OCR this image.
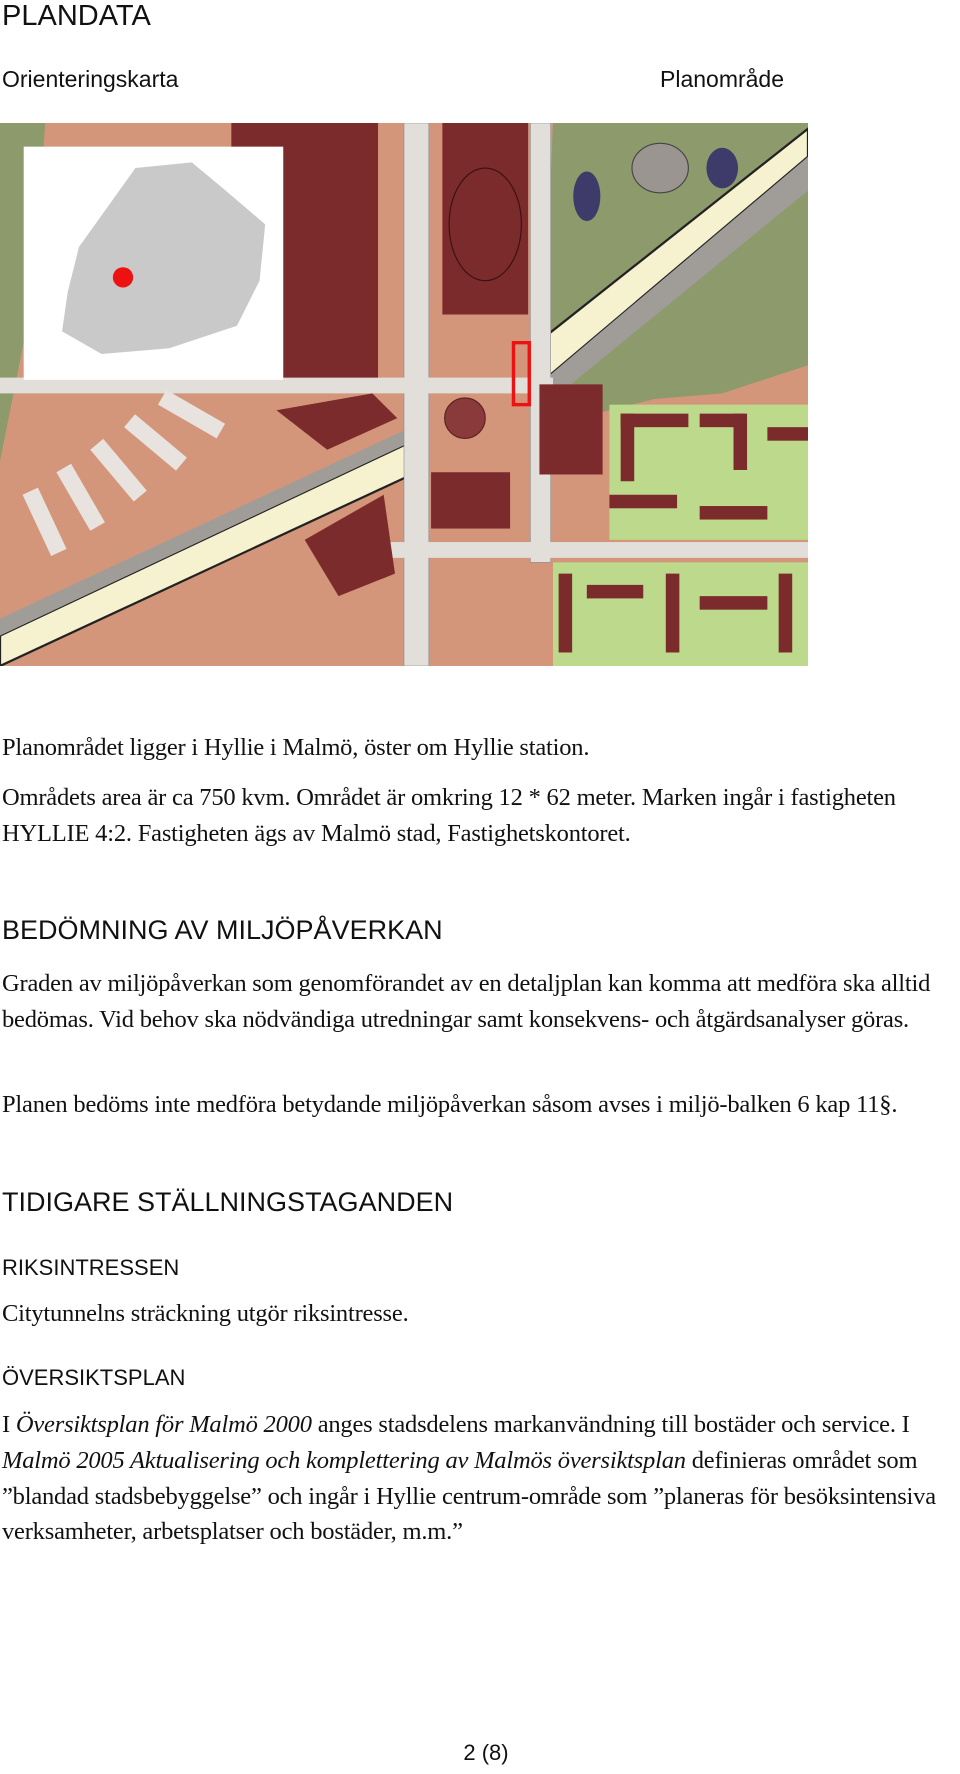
PLANDATA
Orienteringskarta	Planområde

Planområdet ligger i Hyllie i Malmö, öster om Hyllie station.

Områdets area är ca 750 kvm. Området är omkring 12 * 62 meter. Marken ingår i fastigheten HYLLIE 4:2. Fastigheten ägs av Malmö stad, Fastighetskontoret.

BEDÖMNING AV MILJÖPÅVERKAN

Graden av miljöpåverkan som genomförandet av en detaljplan kan komma att medföra ska alltid bedömas. Vid behov ska nödvändiga utredningar samt konsekvens- och åtgärdsanalyser göras.

Planen bedöms inte medföra betydande miljöpåverkan såsom avses i miljö-balken 6 kap 11§.

TIDIGARE STÄLLNINGSTAGANDEN
RIKSINTRESSEN

Citytunnelns sträckning utgör riksintresse.

ÖVERSIKTSPLAN

I Översiktsplan för Malmö 2000 anges stadsdelens markanvändning till bostäder och service. I Malmö 2005 Aktualisering och komplettering av Malmös översiktsplan definieras området som ”blandad stadsbebyggelse” och ingår i Hyllie centrum-område som ”planeras för besöksintensiva verksamheter, arbetsplatser och bostäder, m.m.”

2 (8)
